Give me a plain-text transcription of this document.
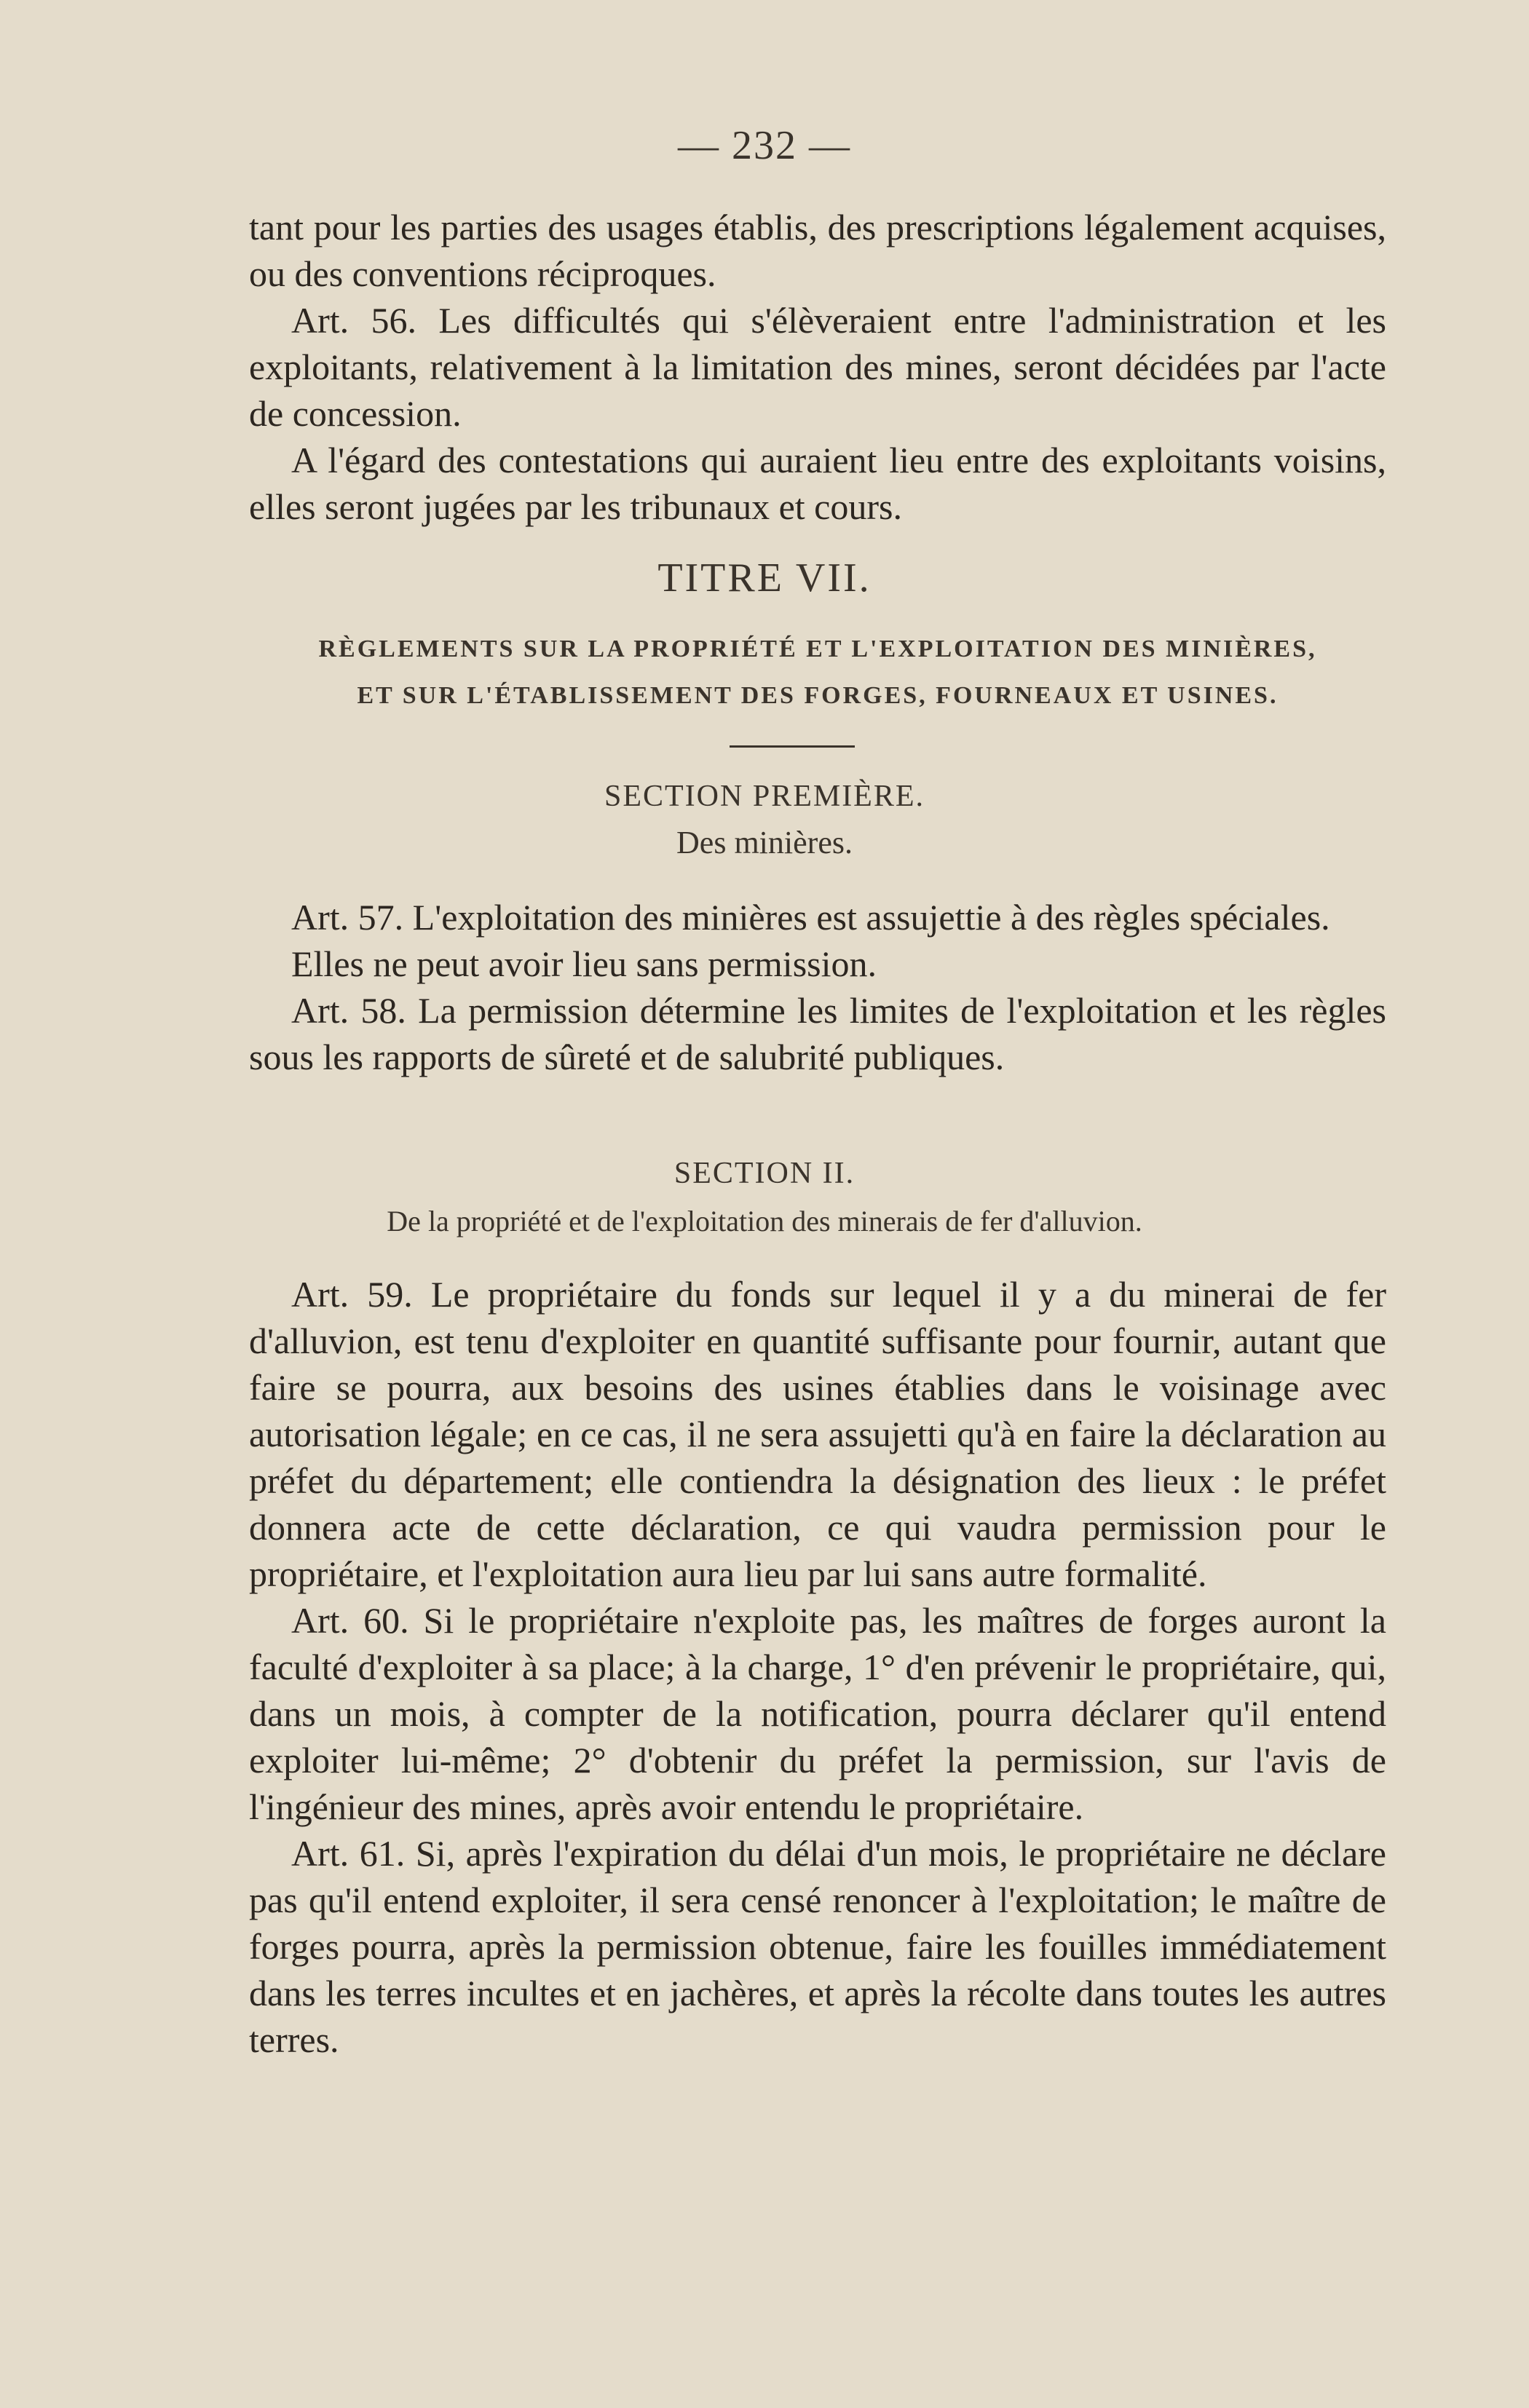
— 232 —

tant pour les parties des usages établis, des prescriptions légalement acquises, ou des conventions réciproques.

Art. 56. Les difficultés qui s'élèveraient entre l'administration et les exploitants, relativement à la limitation des mines, seront décidées par l'acte de concession.

A l'égard des contestations qui auraient lieu entre des exploitants voisins, elles seront jugées par les tribunaux et cours.

TITRE VII.
RÈGLEMENTS SUR LA PROPRIÉTÉ ET L'EXPLOITATION DES MINIÈRES,
ET SUR L'ÉTABLISSEMENT DES FORGES, FOURNEAUX ET USINES.
SECTION PREMIÈRE.
Des minières.

Art. 57. L'exploitation des minières est assujettie à des règles spéciales.

Elles ne peut avoir lieu sans permission.

Art. 58. La permission détermine les limites de l'exploitation et les règles sous les rapports de sûreté et de salubrité publiques.

SECTION II.
De la propriété et de l'exploitation des minerais de fer d'alluvion.

Art. 59. Le propriétaire du fonds sur lequel il y a du minerai de fer d'alluvion, est tenu d'exploiter en quantité suffisante pour fournir, autant que faire se pourra, aux besoins des usines établies dans le voisinage avec autorisation légale; en ce cas, il ne sera assujetti qu'à en faire la déclaration au préfet du département; elle contiendra la désignation des lieux : le préfet donnera acte de cette déclaration, ce qui vaudra permission pour le propriétaire, et l'exploitation aura lieu par lui sans autre formalité.

Art. 60. Si le propriétaire n'exploite pas, les maîtres de forges auront la faculté d'exploiter à sa place; à la charge, 1° d'en prévenir le propriétaire, qui, dans un mois, à compter de la notification, pourra déclarer qu'il entend exploiter lui-même; 2° d'obtenir du préfet la permission, sur l'avis de l'ingénieur des mines, après avoir entendu le propriétaire.

Art. 61. Si, après l'expiration du délai d'un mois, le propriétaire ne déclare pas qu'il entend exploiter, il sera censé renoncer à l'exploitation; le maître de forges pourra, après la permission obtenue, faire les fouilles immédiatement dans les terres incultes et en jachères, et après la récolte dans toutes les autres terres.
